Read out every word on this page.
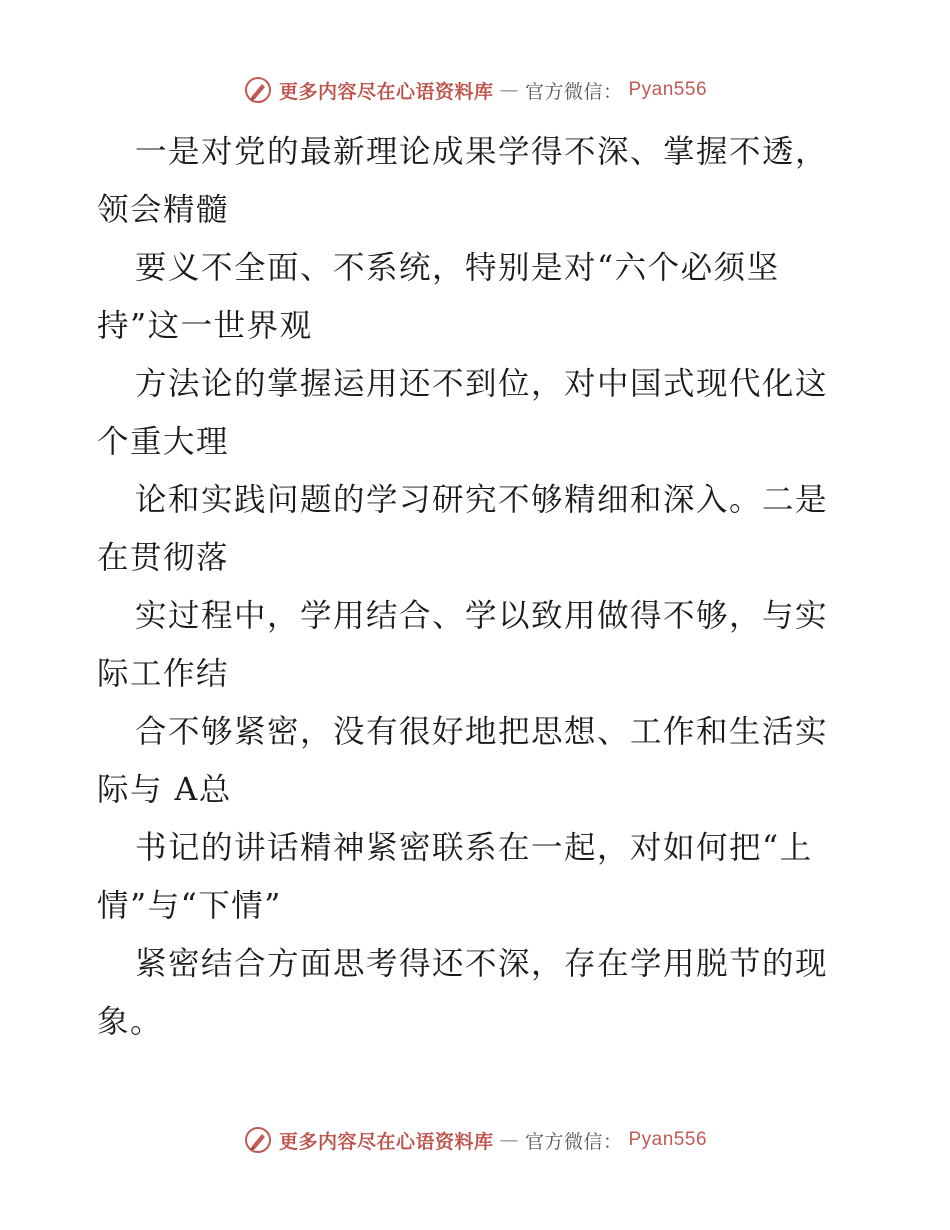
更多内容尽在心语资料库 — 官方微信： Pyan556
一是对党的最新理论成果学得不深、掌握不透，
领会精髓
要义不全面、不系统，特别是对“六个必须坚
持”这一世界观
方法论的掌握运用还不到位，对中国式现代化这
个重大理
论和实践问题的学习研究不够精细和深入。二是
在贯彻落
实过程中，学用结合、学以致用做得不够，与实
际工作结
合不够紧密，没有很好地把思想、工作和生活实
际与 A总
书记的讲话精神紧密联系在一起，对如何把“上
情”与“下情”
紧密结合方面思考得还不深，存在学用脱节的现
象。
更多内容尽在心语资料库 — 官方微信： Pyan556
